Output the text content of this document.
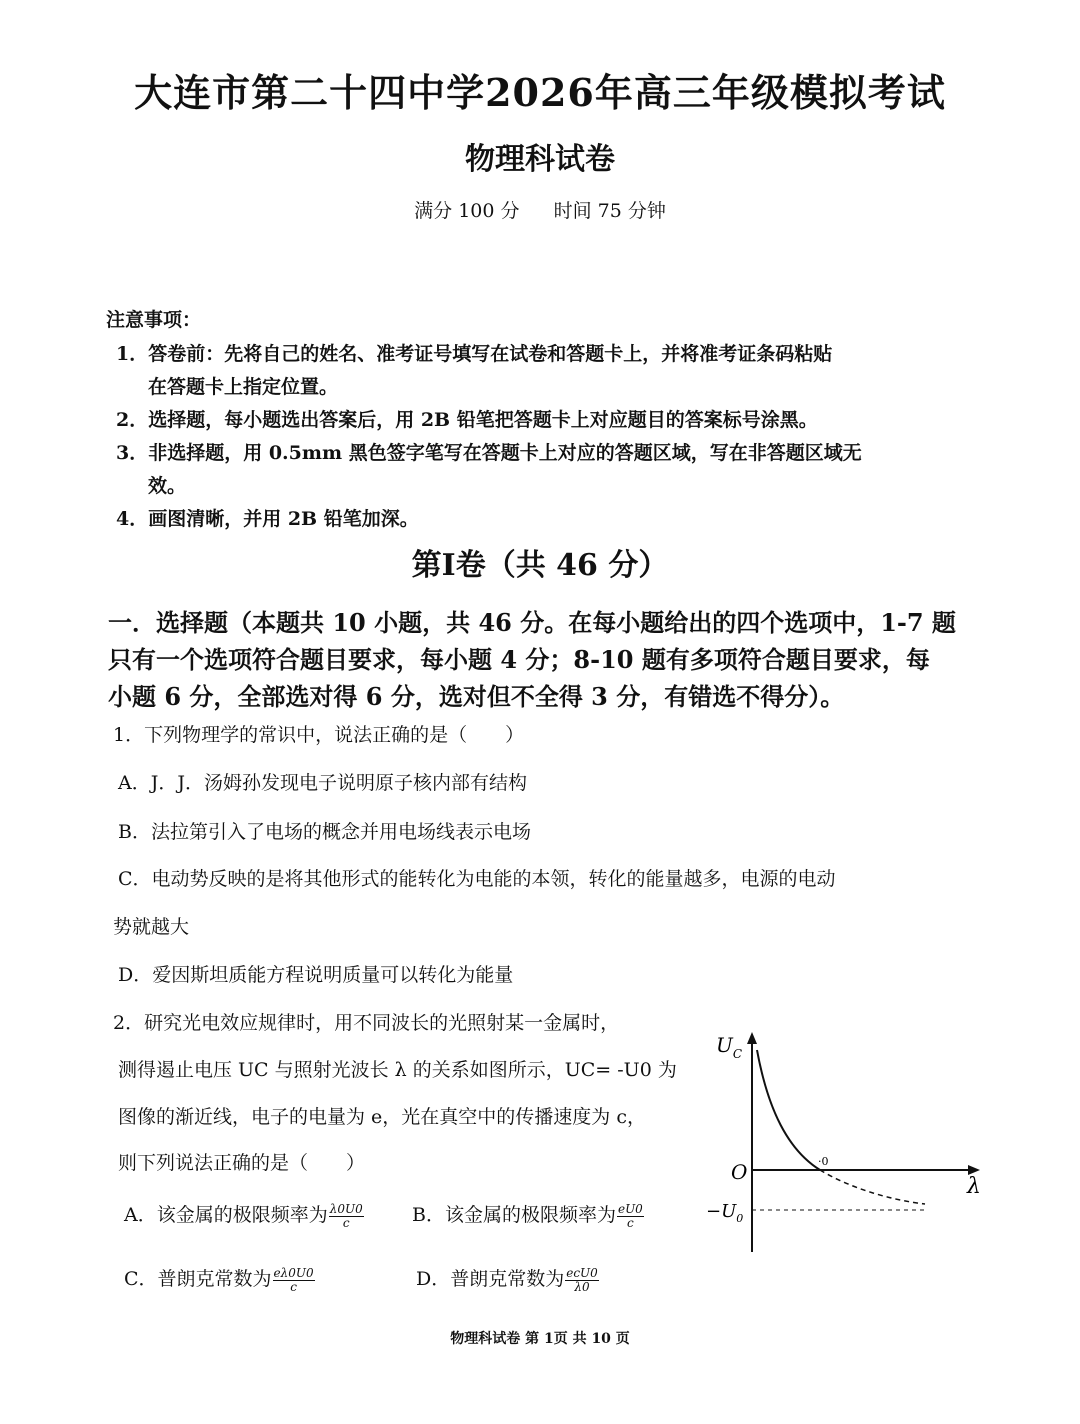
大连市第二十四中学2026年高三年级模拟考试
物理科试卷
满分 100 分 时间 75 分钟
注意事项：
1．答卷前：先将自己的姓名、准考证号填写在试卷和答题卡上，并将准考证条码粘贴
在答题卡上指定位置。
2．选择题，每小题选出答案后，用 2B 铅笔把答题卡上对应题目的答案标号涂黑。
3．非选择题，用 0.5mm 黑色签字笔写在答题卡上对应的答题区域，写在非答题区域无
效。
4．画图清晰，并用 2B 铅笔加深。
第Ⅰ卷（共 46 分）
一．选择题（本题共 10 小题，共 46 分。在每小题给出的四个选项中，1-7 题
只有一个选项符合题目要求，每小题 4 分；8-10 题有多项符合题目要求，每
小题 6 分，全部选对得 6 分，选对但不全得 3 分，有错选不得分）。
1．下列物理学的常识中，说法正确的是（　　）
A．J．J．汤姆孙发现电子说明原子核内部有结构
B．法拉第引入了电场的概念并用电场线表示电场
C．电动势反映的是将其他形式的能转化为电能的本领，转化的能量越多，电源的电动
势就越大
D．爱因斯坦质能方程说明质量可以转化为能量
2．研究光电效应规律时，用不同波长的光照射某一金属时，
测得遏止电压 UC 与照射光波长 λ 的关系如图所示，UC= -U0 为
图像的渐近线，电子的电量为 e，光在真空中的传播速度为 c，
则下列说法正确的是（　　）
A．该金属的极限频率为 $\frac{\lambda 0U0}{c}$	B．该金属的极限频率为 $\frac{eU0}{c}$
C．普朗克常数为 $\frac{e\lambda 0U0}{c}$	D．普朗克常数为 $\frac{\text{ecU0}}{\lambda 0}$
$U_C$
λ
O	·0
$-U_0$
物理科试卷 第 1页 共 10 页
